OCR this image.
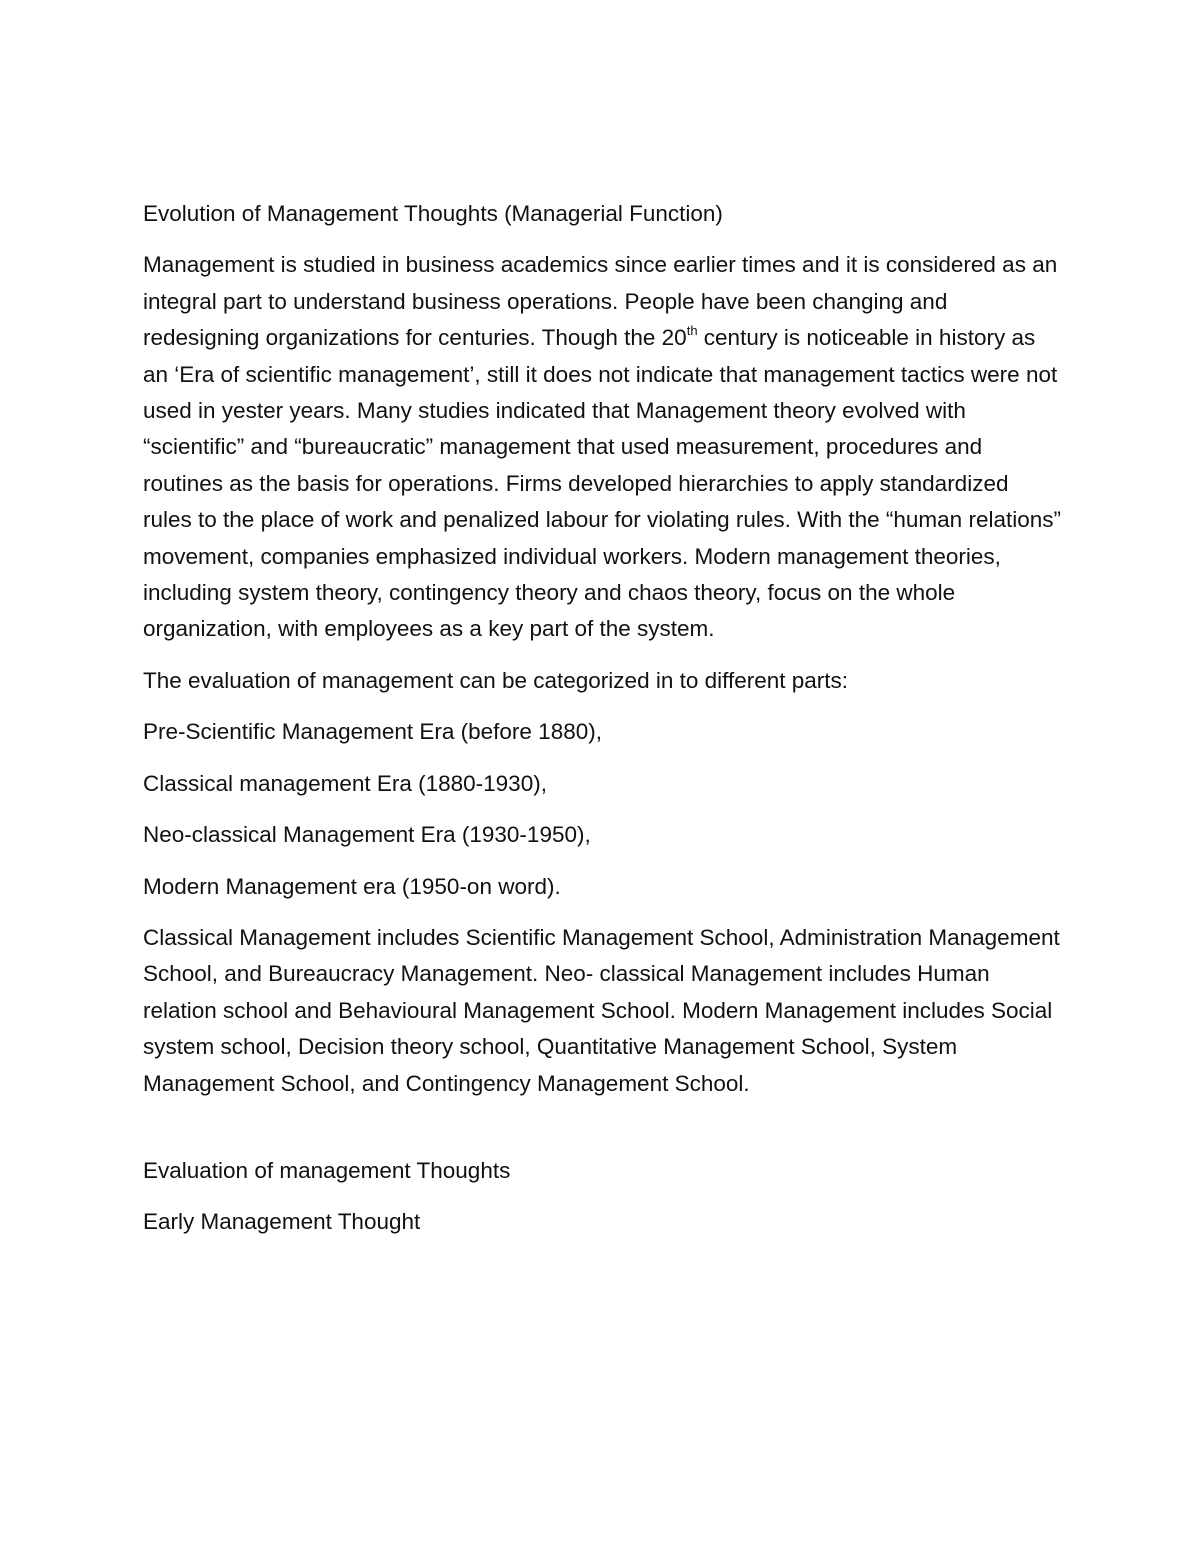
Evolution of Management Thoughts (Managerial Function)

Management is studied in business academics since earlier times and it is considered as an integral part to understand business operations. People have been changing and redesigning organizations for centuries. Though the 20th century is noticeable in history as an ‘Era of scientific management’, still it does not indicate that management tactics were not used in yester years. Many studies indicated that Management theory evolved with “scientific” and “bureaucratic” management that used measurement, procedures and routines as the basis for operations. Firms developed hierarchies to apply standardized rules to the place of work and penalized labour for violating rules. With the “human relations” movement, companies emphasized individual workers. Modern management theories, including system theory, contingency theory and chaos theory, focus on the whole organization, with employees as a key part of the system.

The evaluation of management can be categorized in to different parts:

Pre-Scientific Management Era (before 1880),

Classical management Era (1880-1930),

Neo-classical Management Era (1930-1950),

Modern Management era (1950-on word).

Classical Management includes Scientific Management School, Administration Management School, and Bureaucracy Management. Neo- classical Management includes Human relation school and Behavioural Management School. Modern Management includes Social system school, Decision theory school, Quantitative Management School, System Management School, and Contingency Management School.

Evaluation of management Thoughts

Early Management Thought
